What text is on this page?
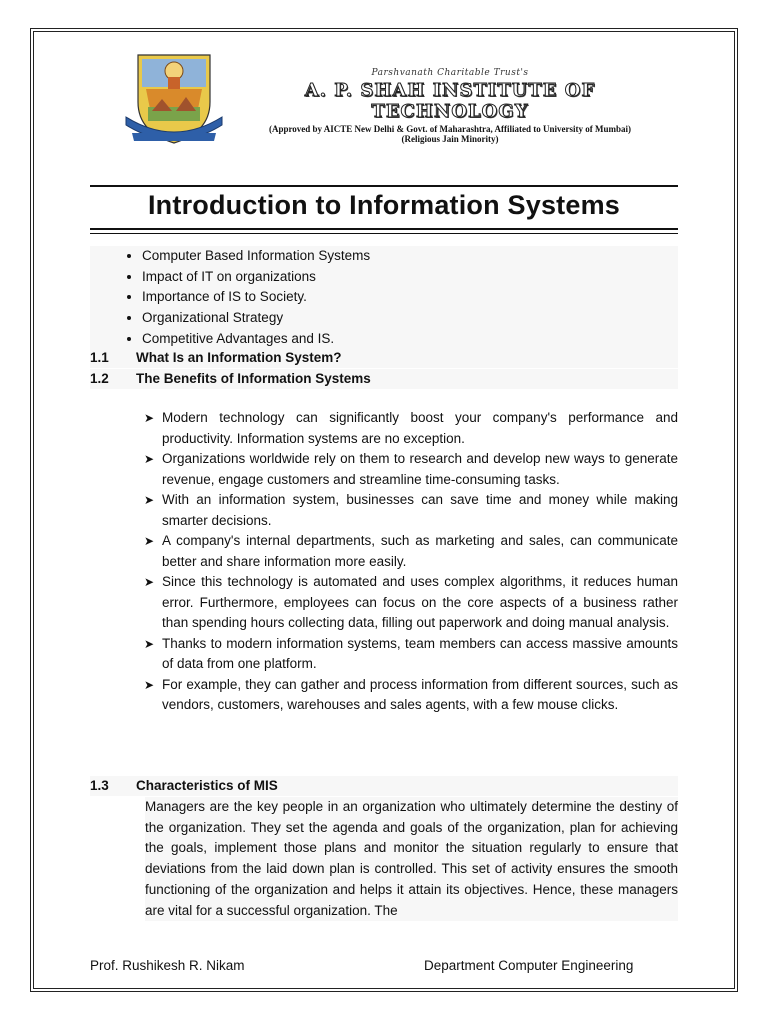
Parshvanath Charitable Trust's
A. P. SHAH INSTITUTE OF TECHNOLOGY
(Approved by AICTE New Delhi & Govt. of Maharashtra, Affiliated to University of Mumbai)
(Religious Jain Minority)
Introduction to Information Systems
• Computer Based Information Systems
• Impact of IT on organizations
• Importance of IS to Society.
• Organizational Strategy
• Competitive Advantages and IS.
1.1 What Is an Information System?
1.2 The Benefits of Information Systems
➤ Modern technology can significantly boost your company's performance and productivity. Information systems are no exception.
➤ Organizations worldwide rely on them to research and develop new ways to generate revenue, engage customers and streamline time-consuming tasks.
➤ With an information system, businesses can save time and money while making smarter decisions.
➤ A company's internal departments, such as marketing and sales, can communicate better and share information more easily.
➤ Since this technology is automated and uses complex algorithms, it reduces human error. Furthermore, employees can focus on the core aspects of a business rather than spending hours collecting data, filling out paperwork and doing manual analysis.
➤ Thanks to modern information systems, team members can access massive amounts of data from one platform.
➤ For example, they can gather and process information from different sources, such as vendors, customers, warehouses and sales agents, with a few mouse clicks.
1.3 Characteristics of MIS
Managers are the key people in an organization who ultimately determine the destiny of the organization. They set the agenda and goals of the organization, plan for achieving the goals, implement those plans and monitor the situation regularly to ensure that deviations from the laid down plan is controlled. This set of activity ensures the smooth functioning of the organization and helps it attain its objectives. Hence, these managers are vital for a successful organization. The
Prof. Rushikesh R. Nikam	Department Computer Engineering
